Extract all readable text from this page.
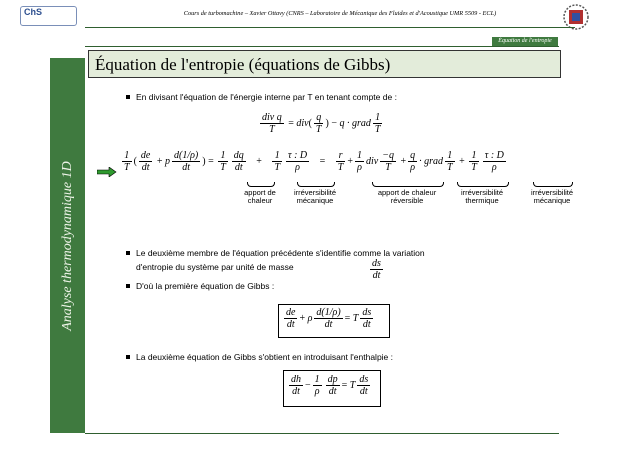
ChS	Cours de turbomachine – Xavier Ottavy (CNRS – Laboratoire de Mécanique des Fluides et d'Acoustique UMR 5509 - ECL)
Équation de l'entropie
Analyse thermodynamique 1D
Équation de l'entropie (équations de Gibbs)
En divisant l'équation de l'énergie interne par T en tenant compte de :
$\frac{\text{div q}}{T} = div( \frac{q}{T}$ ) − q · grad $\frac{1}{T}$
$\frac{1}{T}$ ( $\frac{de}{dt} + p \frac{d(1/\rho)}{dt}$ ) = $\frac{1}{T} \frac{dq}{dt} + \frac{1}{T} \frac{\tau : D}{\rho} = \frac{r}{T} + \frac{1}{\rho}$ div $\frac{-q}{T} + \frac{q}{\rho}$ · grad $\frac{1}{T} + \frac{1}{T} \frac{\tau : D}{\rho}$
apport de
chaleur
irréversibilité
mécanique
apport de chaleur
réversible
irréversibilité
thermique
irréversibilité
mécanique
Le deuxième membre de l'équation précédente s'identifie comme la variation
d'entropie du système par unité de masse	$\frac{ds}{dt}$
D'où la première équation de Gibbs :
$\frac{de}{dt} + \rho \frac{d(1/\rho)}{dt} = T \frac{ds}{dt}$
La deuxième équation de Gibbs s'obtient en introduisant l'enthalpie :
$\frac{dh}{dt} - \frac{1}{\rho} \frac{dp}{dt} = T \frac{ds}{dt}$
